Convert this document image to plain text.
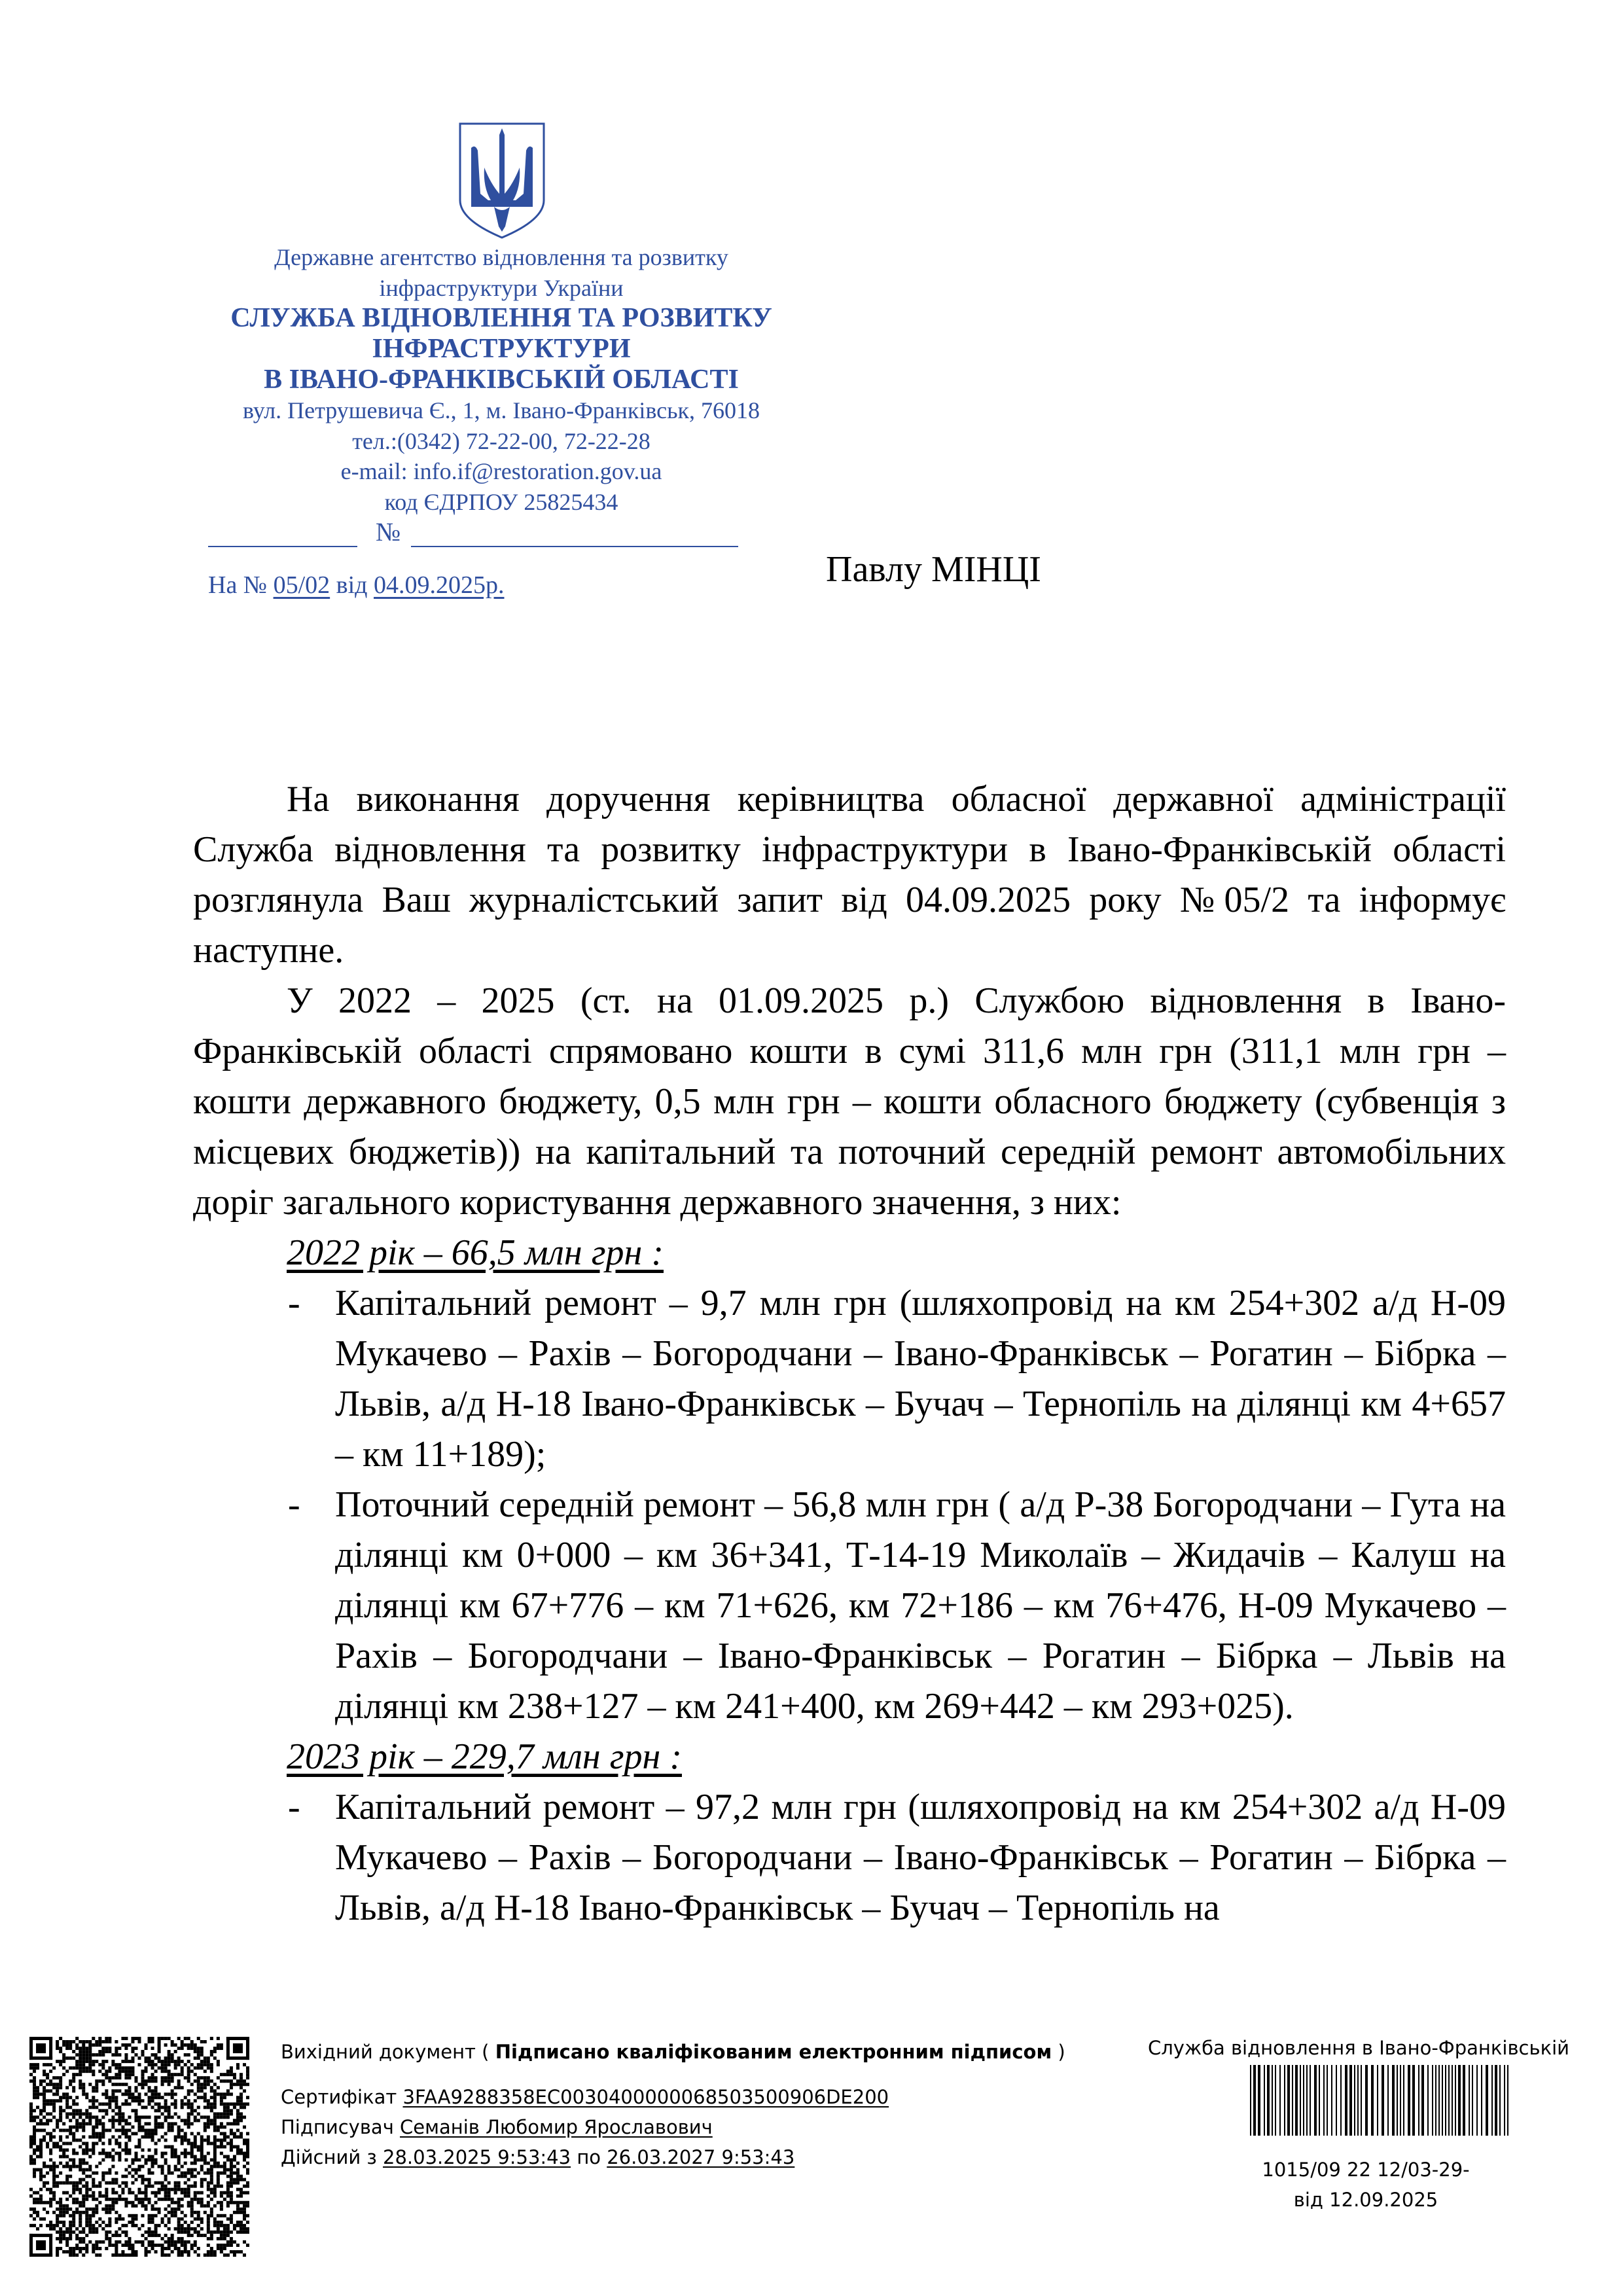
Державне агентство відновлення та розвитку
інфраструктури України
СЛУЖБА ВІДНОВЛЕННЯ ТА РОЗВИТКУ
ІНФРАСТРУКТУРИ
В ІВАНО-ФРАНКІВСЬКІЙ ОБЛАСТІ
вул. Петрушевича Є., 1, м. Івано-Франківськ, 76018
тел.:(0342) 72-22-00, 72-22-28
e-mail: info.if@restoration.gov.ua
код ЄДРПОУ 25825434
№
На № 05/02 від 04.09.2025р.	Павлу МІНЦІ

На виконання доручення керівництва обласної державної адміністрації Служба відновлення та розвитку інфраструктури в Івано-Франківській області розглянула Ваш журналістський запит від 04.09.2025 року №05/2 та інформує наступне.

У 2022 – 2025 (ст. на 01.09.2025 р.) Службою відновлення в Івано-Франківській області спрямовано кошти в сумі 311,6 млн грн (311,1 млн грн – кошти державного бюджету, 0,5 млн грн – кошти обласного бюджету (субвенція з місцевих бюджетів)) на капітальний та поточний середній ремонт автомобільних доріг загального користування державного значення, з них:

2022 рік – 66,5 млн грн :
- Капітальний ремонт – 9,7 млн грн (шляхопровід на км 254+302 а/д Н-09 Мукачево – Рахів – Богородчани – Івано-Франківськ – Рогатин – Бібрка – Львів, а/д Н-18 Івано-Франківськ – Бучач – Тернопіль на ділянці км 4+657 – км 11+189);
- Поточний середній ремонт – 56,8 млн грн ( а/д Р-38 Богородчани – Гута на ділянці км 0+000 – км 36+341, Т-14-19 Миколаїв – Жидачів – Калуш на ділянці км 67+776 – км 71+626, км 72+186 – км 76+476, Н-09 Мукачево – Рахів – Богородчани – Івано-Франківськ – Рогатин – Бібрка – Львів на ділянці км 238+127 – км 241+400, км 269+442 – км 293+025).
2023 рік – 229,7 млн грн :
- Капітальний ремонт – 97,2 млн грн (шляхопровід на км 254+302 а/д Н-09 Мукачево – Рахів – Богородчани – Івано-Франківськ – Рогатин – Бібрка – Львів, а/д Н-18 Івано-Франківськ – Бучач – Тернопіль на
Вихідний документ ( Підписано кваліфікованим електронним підписом )
Сертифікат 3FAA9288358EC0030400000068503500906DE200
Підписувач Семанів Любомир Ярославович
Дійсний з 28.03.2025 9:53:43 по 26.03.2027 9:53:43
Служба відновлення в Івано-Франківській
1015/09 22 12/03-29-
від 12.09.2025
